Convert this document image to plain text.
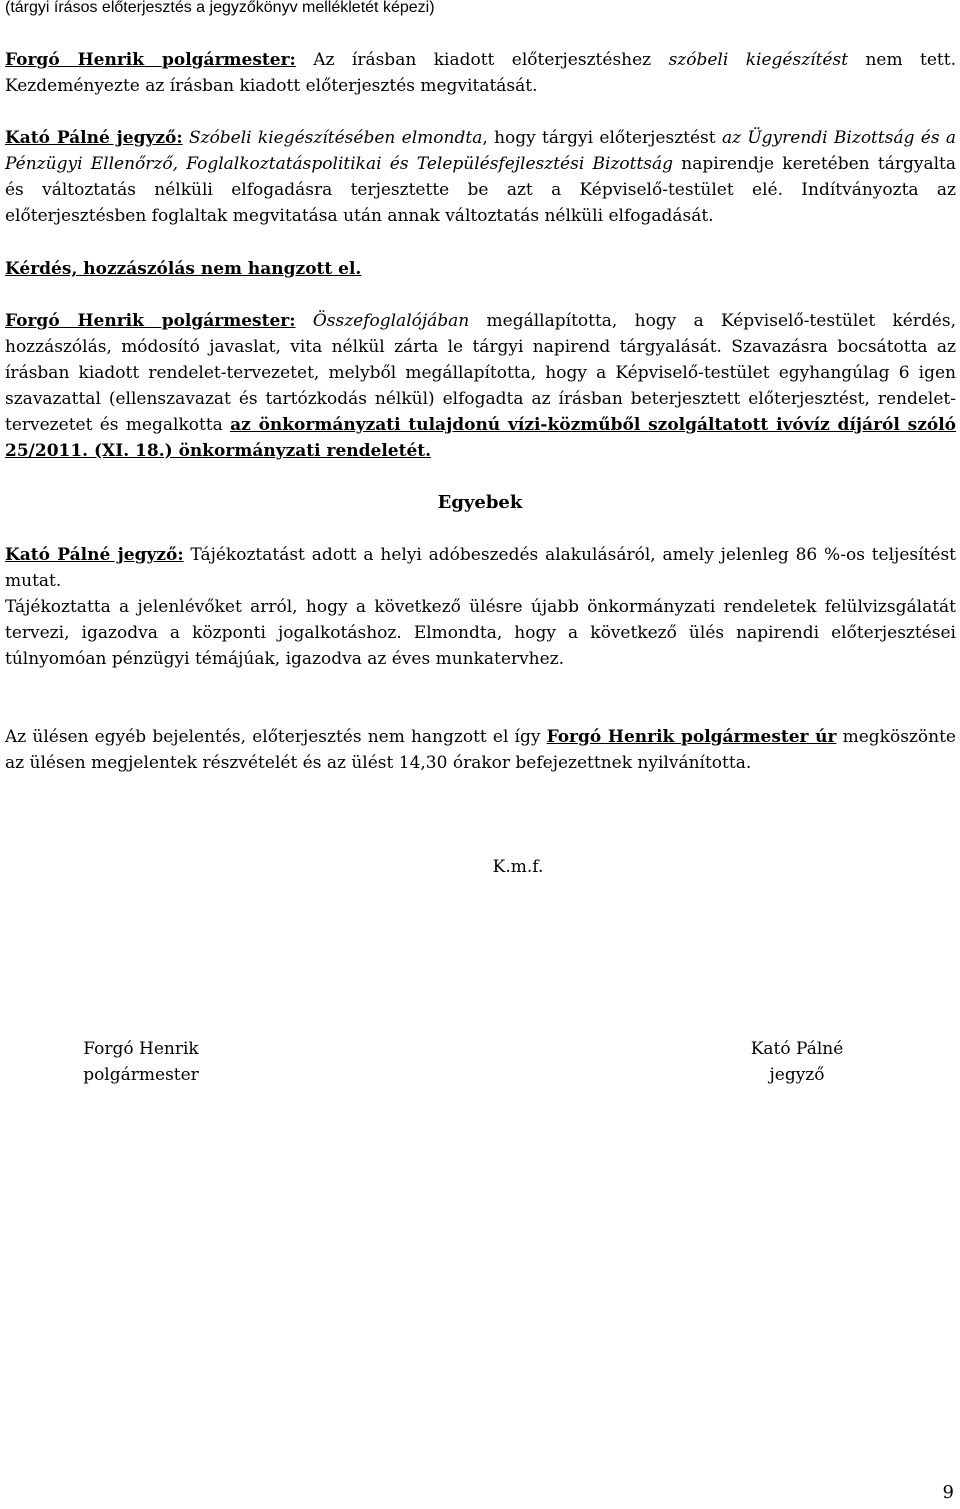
(tárgyi írásos előterjesztés a jegyzőkönyv mellékletét képezi)

Forgó Henrik polgármester: Az írásban kiadott előterjesztéshez szóbeli kiegészítést nem tett. Kezdeményezte az írásban kiadott előterjesztés megvitatását.

Kató Pálné jegyző: Szóbeli kiegészítésében elmondta, hogy tárgyi előterjesztést az Ügyrendi Bizottság és a Pénzügyi Ellenőrző, Foglalkoztatáspolitikai és Településfejlesztési Bizottság napirendje keretében tárgyalta és változtatás nélküli elfogadásra terjesztette be azt a Képviselő-testület elé. Indítványozta az előterjesztésben foglaltak megvitatása után annak változtatás nélküli elfogadását.

Kérdés, hozzászólás nem hangzott el.

Forgó Henrik polgármester: Összefoglalójában megállapította, hogy a Képviselő-testület kérdés, hozzászólás, módosító javaslat, vita nélkül zárta le tárgyi napirend tárgyalását. Szavazásra bocsátotta az írásban kiadott rendelet-tervezetet, melyből megállapította, hogy a Képviselő-testület egyhangúlag 6 igen szavazattal (ellenszavazat és tartózkodás nélkül) elfogadta az írásban beterjesztett előterjesztést, rendelet-tervezetet és megalkotta az önkormányzati tulajdonú vízi-közműből szolgáltatott ivóvíz díjáról szóló 25/2011. (XI. 18.) önkormányzati rendeletét.

Egyebek

Kató Pálné jegyző: Tájékoztatást adott a helyi adóbeszedés alakulásáról, amely jelenleg 86 %-os teljesítést mutat.

Tájékoztatta a jelenlévőket arról, hogy a következő ülésre újabb önkormányzati rendeletek felülvizsgálatát tervezi, igazodva a központi jogalkotáshoz. Elmondta, hogy a következő ülés napirendi előterjesztései túlnyomóan pénzügyi témájúak, igazodva az éves munkatervhez.

Az ülésen egyéb bejelentés, előterjesztés nem hangzott el így Forgó Henrik polgármester úr megköszönte az ülésen megjelentek részvételét és az ülést 14,30 órakor befejezettnek nyilvánította.

K.m.f.

Forgó Henrik
polgármester
Kató Pálné
jegyző
9
